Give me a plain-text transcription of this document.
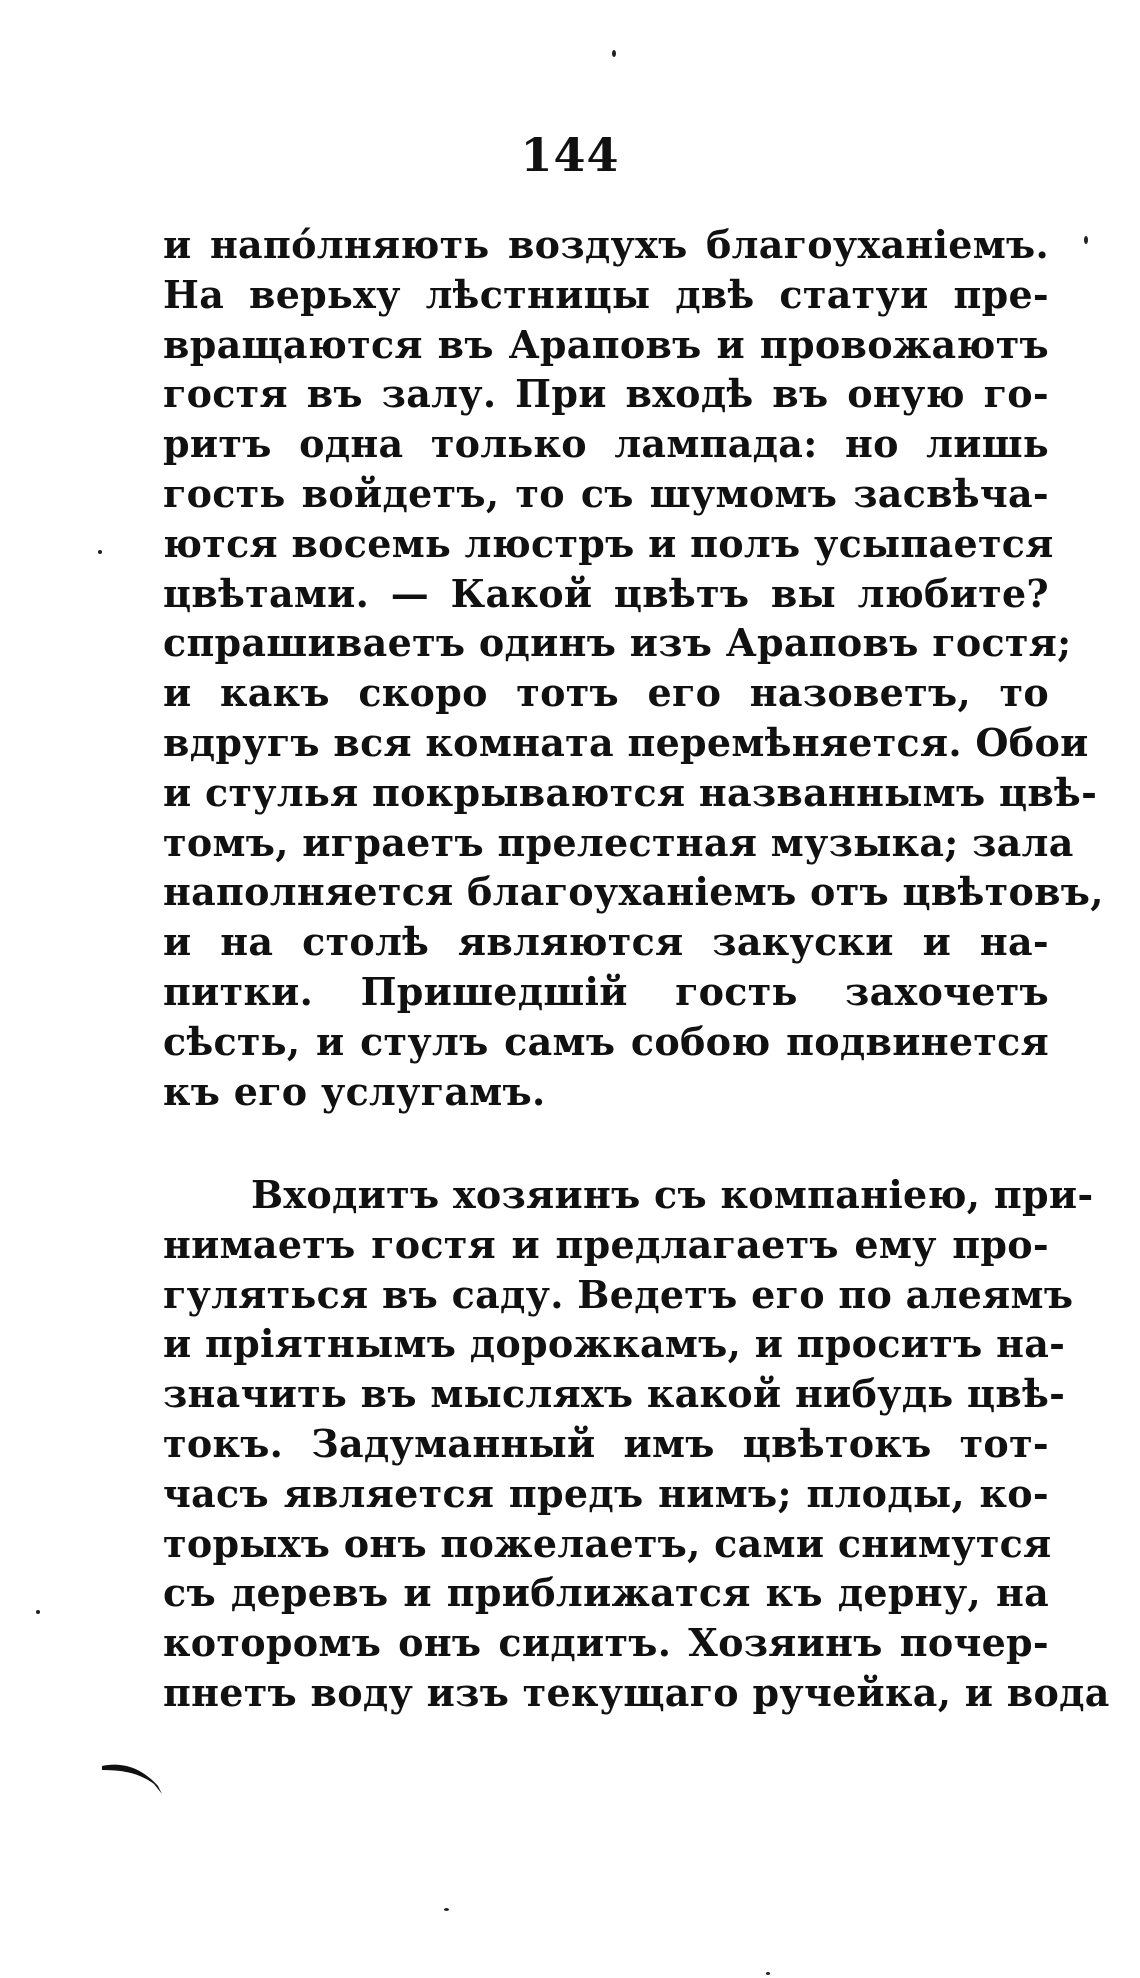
144
и напо́лняють воздухъ благоуханіемъ.
На верьху лѣстницы двѣ статуи пре-
вращаются въ Араповъ и провожаютъ
гостя въ залу. При входѣ въ оную го-
ритъ одна только лампада: но лишь
гость войдетъ, то съ шумомъ засвѣча-
ются восемь люстръ и полъ усыпается
цвѣтами. — Какой цвѣтъ вы любите?
спрашиваетъ одинъ изъ Араповъ гостя;
и какъ скоро тотъ его назоветъ, то
вдругъ вся комната перемѣняется. Обои
и стулья покрываются названнымъ цвѣ-
томъ, играетъ прелестная музыка; зала
наполняется благоуханіемъ отъ цвѣтовъ,
и на столѣ являются закуски и на-
питки. Пришедшій гость захочетъ
сѣсть, и стулъ самъ собою подвинется
къ его услугамъ.
Входитъ хозяинъ съ компаніею, при-
нимаетъ гостя и предлагаетъ ему про-
гуляться въ саду. Ведетъ его по алеямъ
и пріятнымъ дорожкамъ, и проситъ на-
значить въ мысляхъ какой нибудь цвѣ-
токъ. Задуманный имъ цвѣтокъ тот-
часъ является предъ нимъ; плоды, ко-
торыхъ онъ пожелаетъ, сами снимутся
съ деревъ и приближатся къ дерну, на
которомъ онъ сидитъ. Хозяинъ почер-
пнетъ воду изъ текущаго ручейка, и вода
